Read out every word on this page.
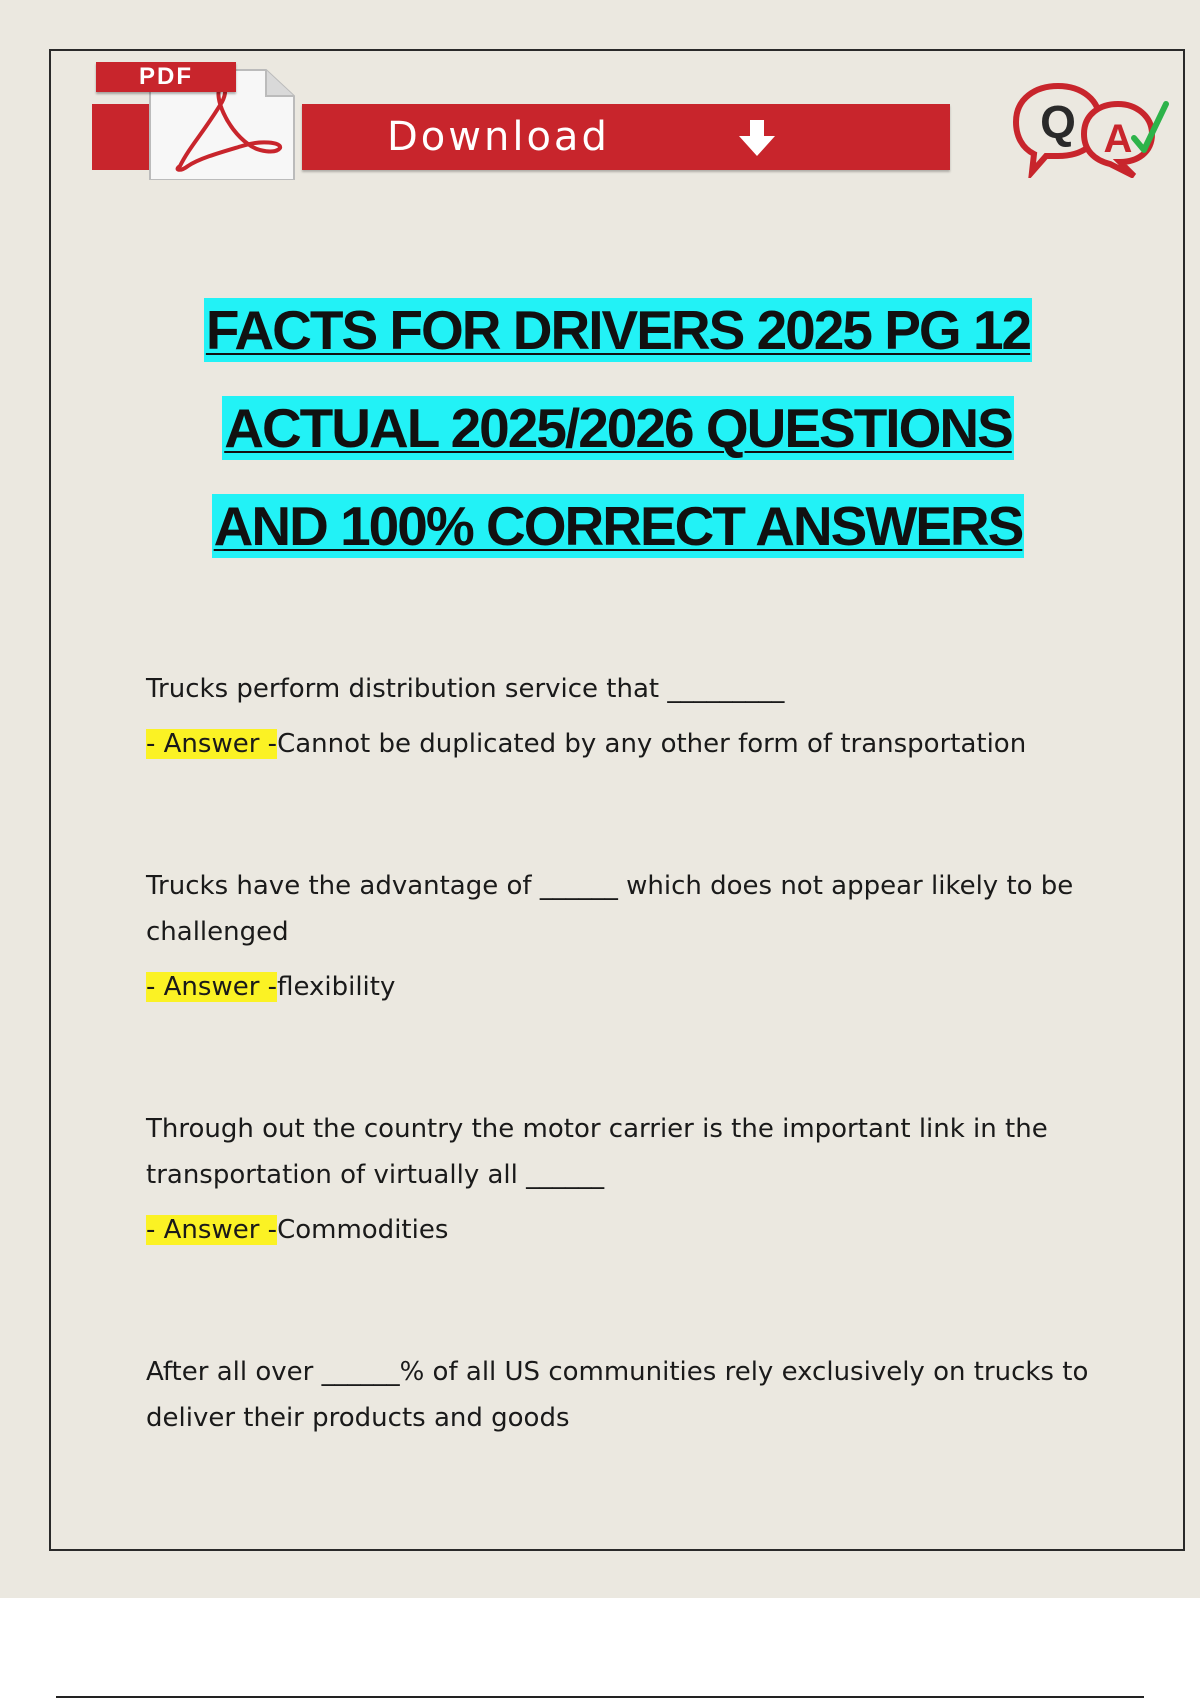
PDF
Download	Q A
FACTS FOR DRIVERS 2025 PG 12
ACTUAL 2025/2026 QUESTIONS
AND 100% CORRECT ANSWERS

Trucks perform distribution service that _________

- Answer -Cannot be duplicated by any other form of transportation

Trucks have the advantage of ______ which does not appear likely to be challenged

- Answer -flexibility

Through out the country the motor carrier is the important link in the transportation of virtually all ______

- Answer -Commodities

After all over ______% of all US communities rely exclusively on trucks to deliver their products and goods
